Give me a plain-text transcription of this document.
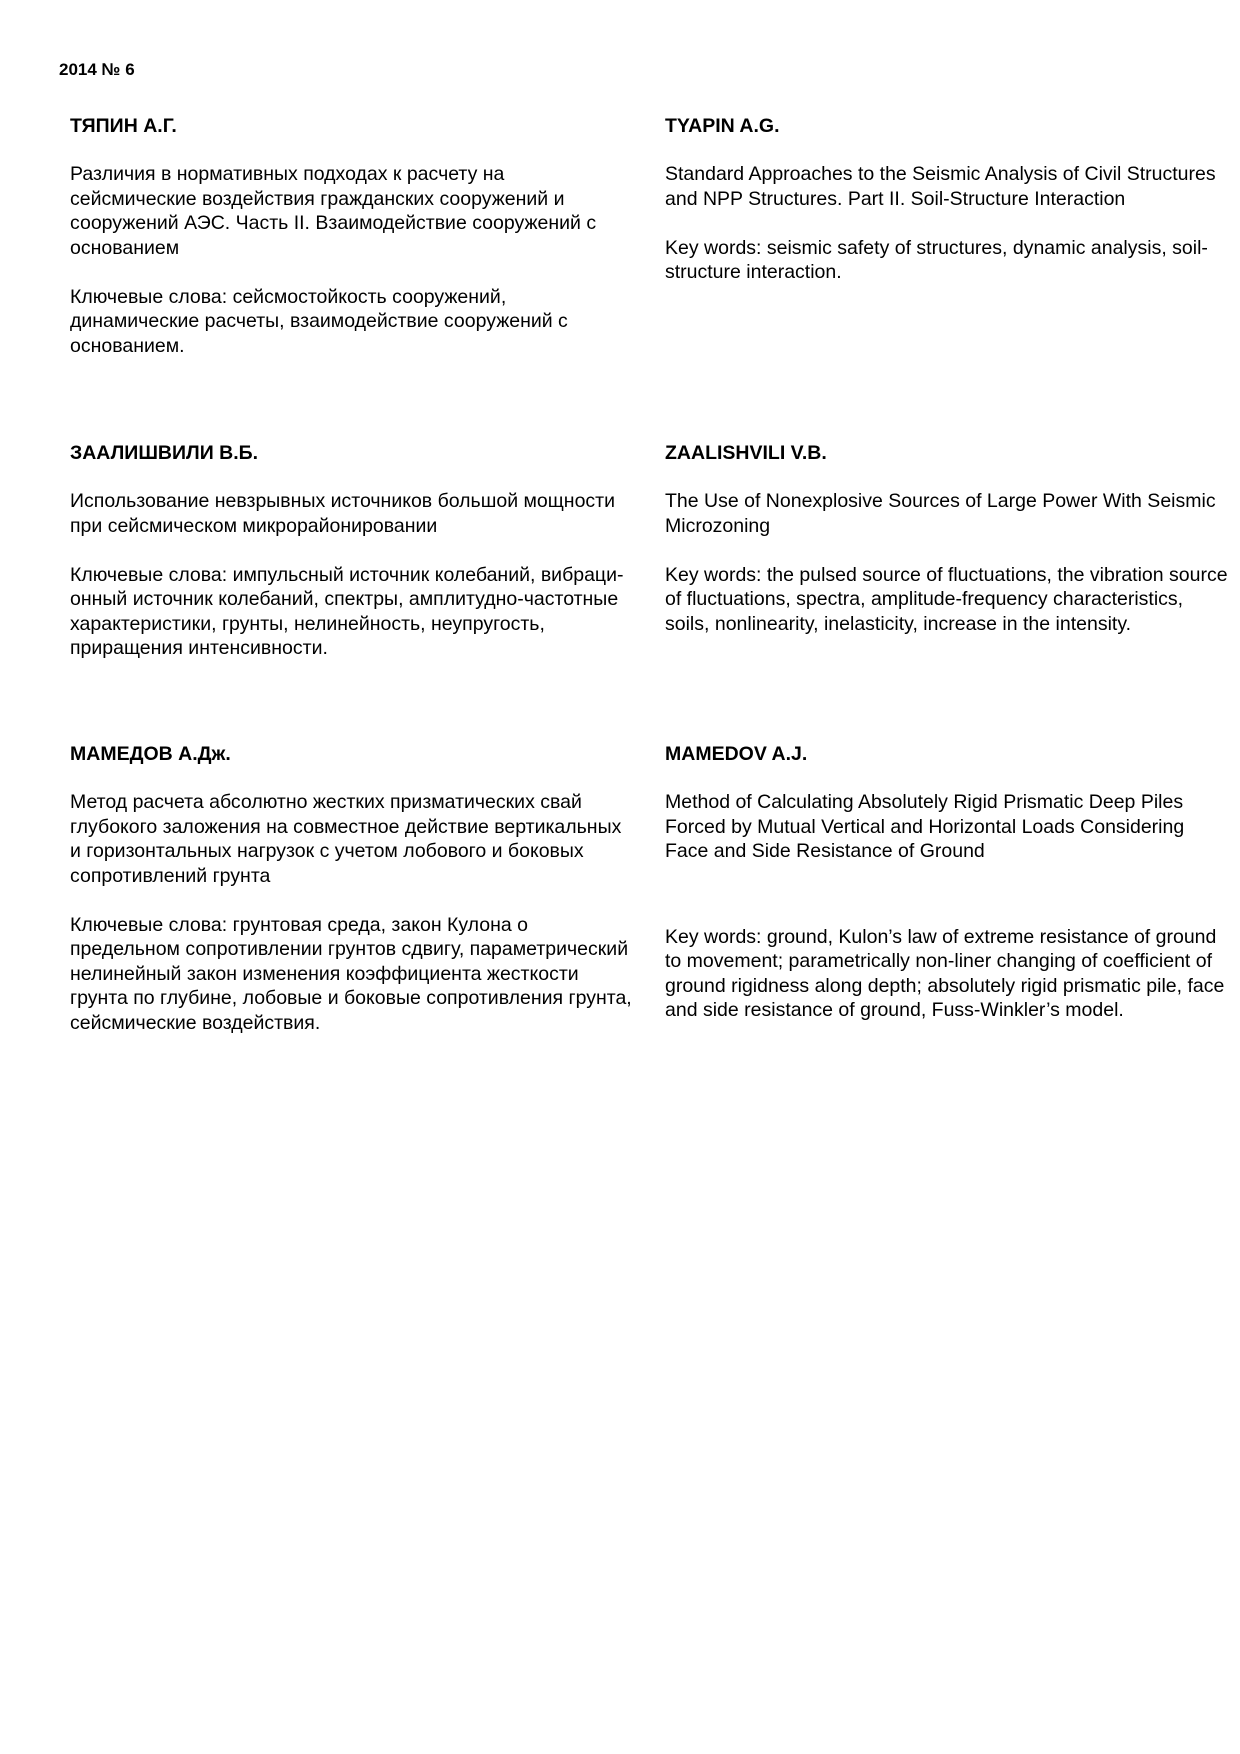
2014 № 6

ТЯПИН А.Г.

Различия в нормативных подходах к расчету на сейсмические воздействия гражданских сооружений и сооружений АЭС. Часть II. Взаимодействие сооружений с основанием

Ключевые слова: сейсмостойкость сооружений, динамические расчеты, взаимодействие сооружений с основанием.

TYAPIN A.G.

Standard Approaches to the Seismic Analysis of Civil Structures and NPP Structures. Part II. Soil-Structure Interaction

Key words: seismic safety of structures, dynamic analysis, soil-structure interaction.

ЗААЛИШВИЛИ В.Б.

Использование невзрывных источников большой мощности при сейсмическом микрорайонировании

Ключевые слова: импульсный источник колебаний, вибраци- онный источник колебаний, спектры, амплитудно-частотные характеристики, грунты, нелинейность, неупругость, приращения интенсивности.

ZAALISHVILI V.B.

The Use of Nonexplosive Sources of Large Power With Seismic Microzoning

Key words: the pulsed source of fluctuations, the vibration source of fluctuations, spectra, amplitude-frequency characteristics, soils, nonlinearity, inelasticity, increase in the intensity.

МАМЕДОВ А.Дж.

Метод расчета абсолютно жестких призматических свай глубокого заложения на совместное действие вертикальных и горизонтальных нагрузок с учетом лобового и боковых сопротивлений грунта

Ключевые слова: грунтовая среда, закон Кулона о предельном сопротивлении грунтов сдвигу, параметрический нелинейный закон изменения коэффициента жесткости грунта по глубине, лобовые и боковые сопротивления грунта, сейсмические воздействия.

MAMEDOV A.J.

Method of Calculating Absolutely Rigid Prismatic Deep Piles Forced by Mutual Vertical and Horizontal Loads Considering Face and Side Resistance of Ground

Key words: ground, Kulon’s law of extreme resistance of ground to movement; parametrically non-liner changing of coefficient of ground rigidness along depth; absolutely rigid prismatic pile, face and side resistance of ground, Fuss-Winkler’s model.
